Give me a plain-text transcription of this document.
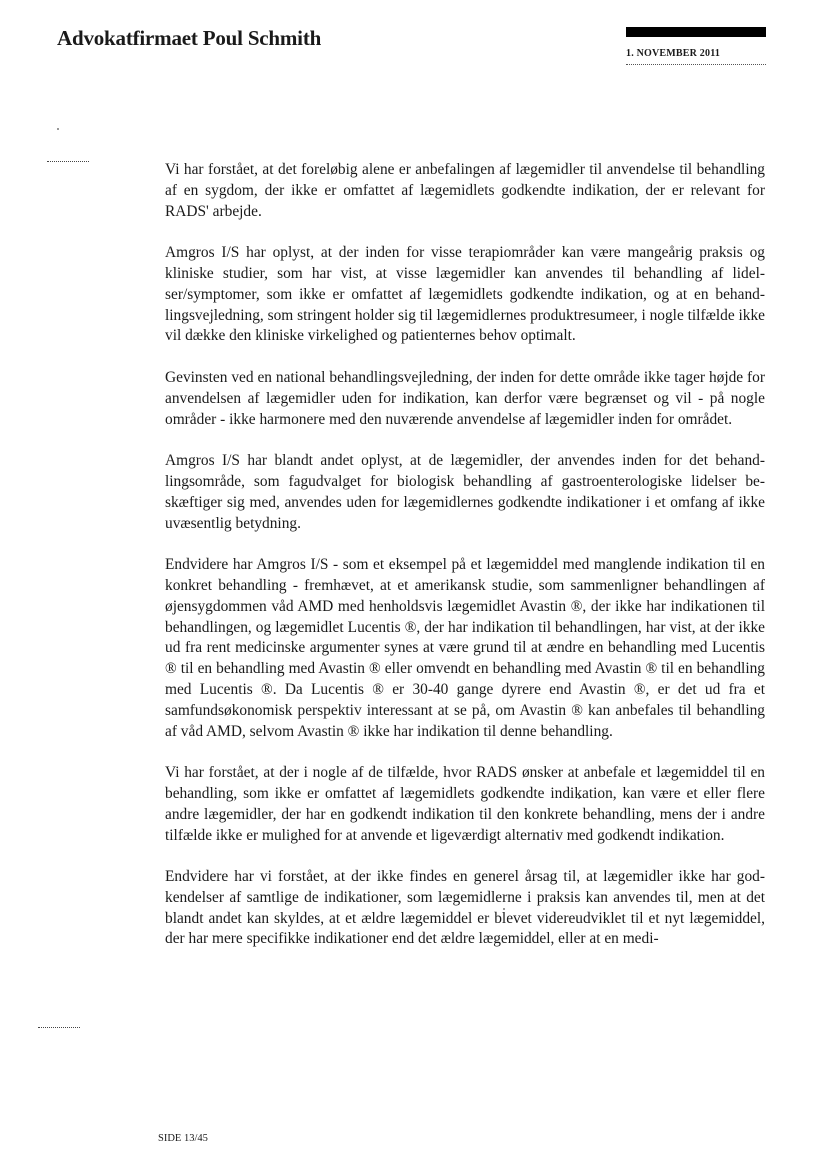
Advokatfirmaet Poul Schmith
1. NOVEMBER 2011

Vi har forstået, at det foreløbig alene er anbefalingen af lægemidler til anvendelse til behandling af en sygdom, der ikke er omfattet af lægemidlets godkendte indikation, der er relevant for RADS' arbejde.

Amgros I/S har oplyst, at der inden for visse terapiområder kan være mangeårig praksis og kliniske studier, som har vist, at visse lægemidler kan anvendes til behandling af lidelser/symptomer, som ikke er omfattet af lægemidlets godkendte indikation, og at en behandlingsvejledning, som stringent holder sig til lægemidlernes produktresumeer, i nogle tilfælde ikke vil dække den kliniske virkelighed og patienternes behov optimalt.

Gevinsten ved en national behandlingsvejledning, der inden for dette område ikke tager højde for anvendelsen af lægemidler uden for indikation, kan derfor være begrænset og vil - på nogle områder - ikke harmonere med den nuværende anvendelse af lægemidler inden for området.

Amgros I/S har blandt andet oplyst, at de lægemidler, der anvendes inden for det behandlingsområde, som fagudvalget for biologisk behandling af gastroenterologiske lidelser beskæftiger sig med, anvendes uden for lægemidlernes godkendte indikationer i et omfang af ikke uvæsentlig betydning.

Endvidere har Amgros I/S - som et eksempel på et lægemiddel med manglende indikation til en konkret behandling - fremhævet, at et amerikansk studie, som sammenligner behandlingen af øjensygdommen våd AMD med henholdsvis lægemidlet Avastin ®, der ikke har indikationen til behandlingen, og lægemidlet Lucentis ®, der har indikation til behandlingen, har vist, at der ikke ud fra rent medicinske argumenter synes at være grund til at ændre en behandling med Lucentis ® til en behandling med Avastin ® eller omvendt en behandling med Avastin ® til en behandling med Lucentis ®. Da Lucentis ® er 30-40 gange dyrere end Avastin ®, er det ud fra et samfundsøkonomisk perspektiv interessant at se på, om Avastin ® kan anbefales til behandling af våd AMD, selvom Avastin ® ikke har indikation til denne behandling.

Vi har forstået, at der i nogle af de tilfælde, hvor RADS ønsker at anbefale et lægemiddel til en behandling, som ikke er omfattet af lægemidlets godkendte indikation, kan være et eller flere andre lægemidler, der har en godkendt indikation til den konkrete behandling, mens der i andre tilfælde ikke er mulighed for at anvende et ligeværdigt alternativ med godkendt indikation.

Endvidere har vi forstået, at der ikke findes en generel årsag til, at lægemidler ikke har godkendelser af samtlige de indikationer, som lægemidlerne i praksis kan anvendes til, men at det blandt andet kan skyldes, at et ældre lægemiddel er blevet videreudviklet til et nyt lægemiddel, der har mere specifikke indikationer end det ældre lægemiddel, eller at en medi-

SIDE 13/45
